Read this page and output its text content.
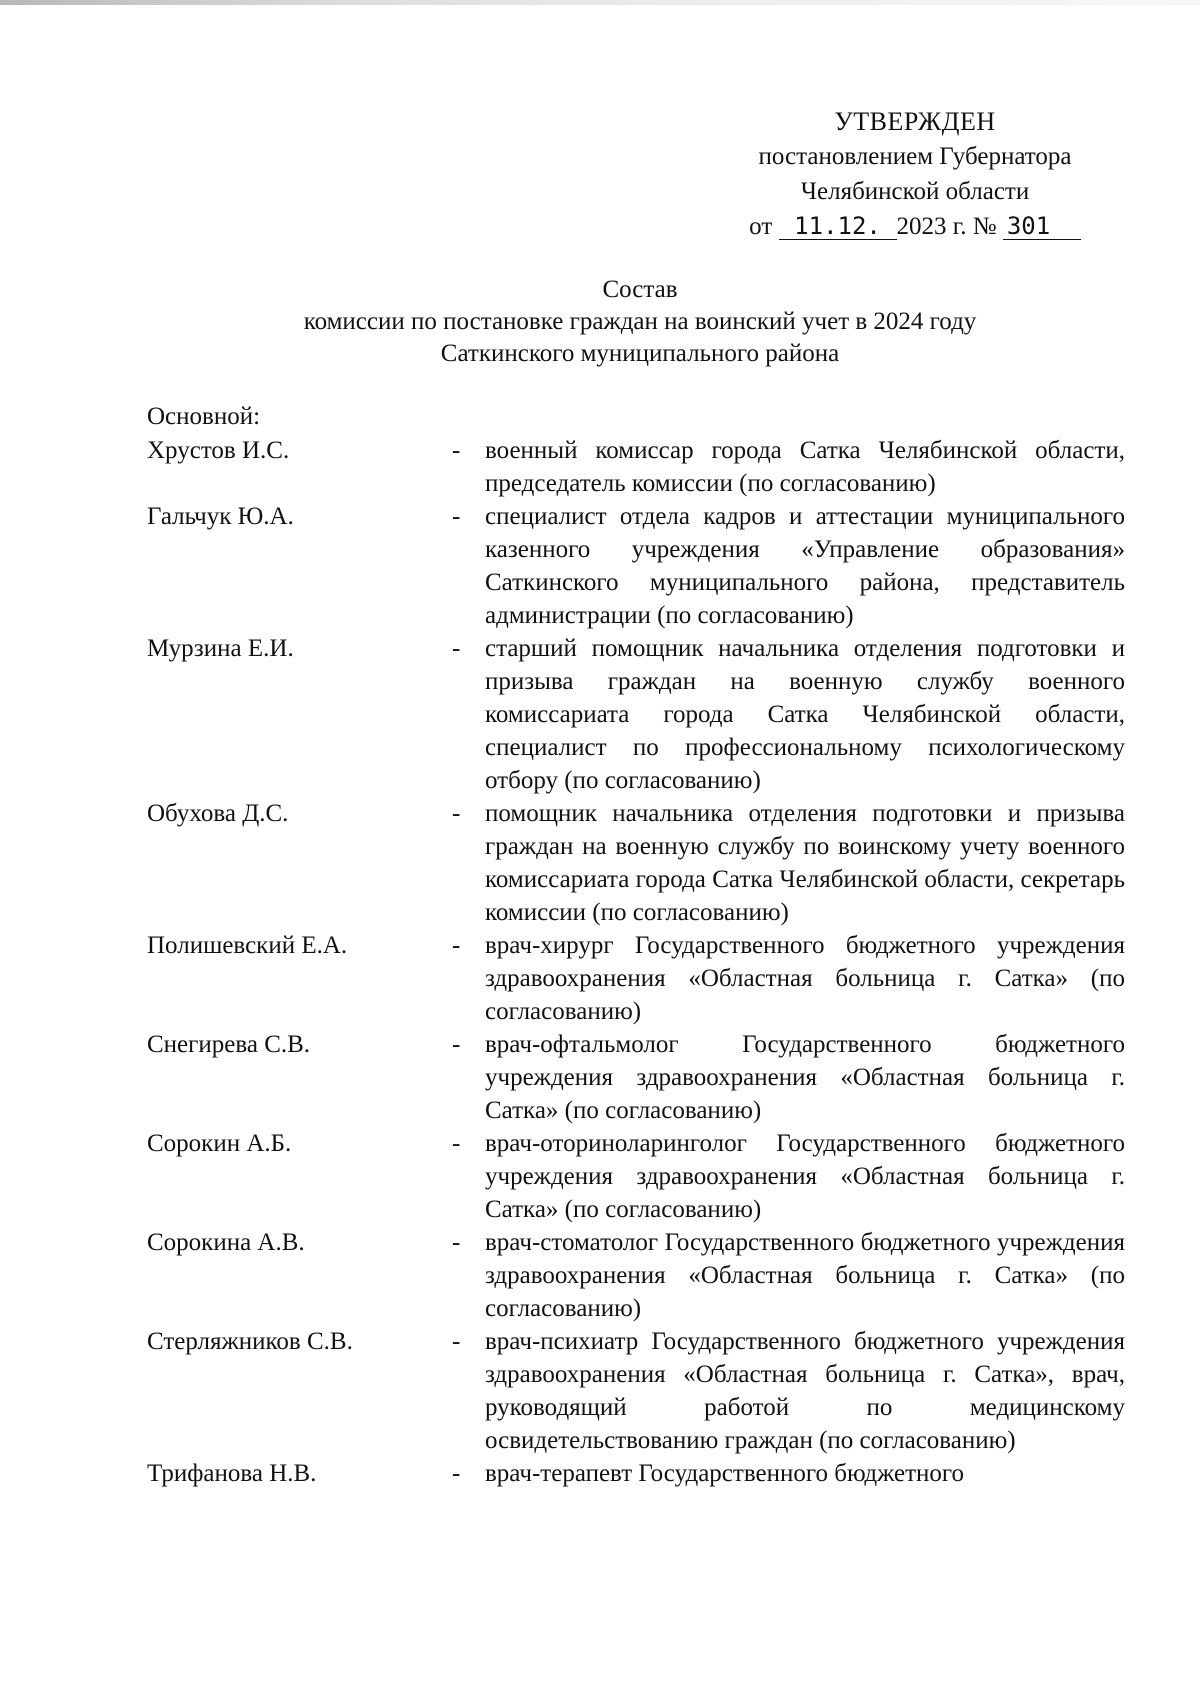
УТВЕРЖДЕН
постановлением Губернатора
Челябинской области
от 11.12. 2023 г. № 301
Состав
комиссии по постановке граждан на воинский учет в 2024 году
Саткинского муниципального района
Основной:
Хрустов И.С.	- военный комиссар города Сатка Челябинской области, председатель комиссии (по согласованию)
Гальчук Ю.А.	- специалист отдела кадров и аттестации муниципального казенного учреждения «Управление образования» Саткинского муниципального района, представитель администрации (по согласованию)
Мурзина Е.И.	- старший помощник начальника отделения подготовки и призыва граждан на военную службу военного комиссариата города Сатка Челябинской области, специалист по профессиональному психологическому отбору (по согласованию)
Обухова Д.С.	- помощник начальника отделения подготовки и призыва граждан на военную службу по воинскому учету военного комиссариата города Сатка Челябинской области, секретарь комиссии (по согласованию)
Полишевский Е.А.	- врач-хирург Государственного бюджетного учреждения здравоохранения «Областная больница г. Сатка» (по согласованию)
Снегирева С.В.	- врач-офтальмолог Государственного бюджетного учреждения здравоохранения «Областная больница г. Сатка» (по согласованию)
Сорокин А.Б.	- врач-оториноларинголог Государственного бюджетного учреждения здравоохранения «Областная больница г. Сатка» (по согласованию)
Сорокина А.В.	- врач-стоматолог Государственного бюджетного учреждения здравоохранения «Областная больница г. Сатка» (по согласованию)
Стерляжников С.В.	- врач-психиатр Государственного бюджетного учреждения здравоохранения «Областная больница г. Сатка», врач, руководящий работой по медицинскому освидетельствованию граждан (по согласованию)
Трифанова Н.В.	- врач-терапевт Государственного бюджетного
